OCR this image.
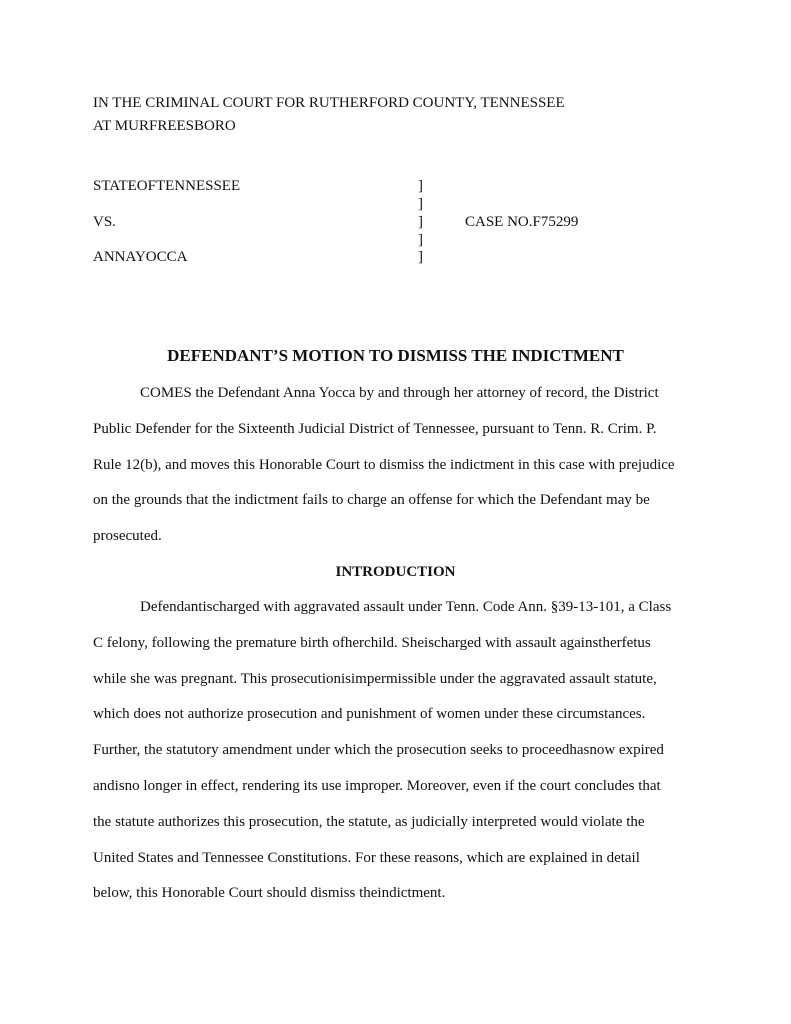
IN THE CRIMINAL COURT FOR RUTHERFORD COUNTY, TENNESSEE
AT MURFREESBORO
STATEOFTENNESSEE
VS.
ANNAYOCCA
]
]
]
]
]
CASE NO.F75299
DEFENDANT’S MOTION TO DISMISS THE INDICTMENT

COMES the Defendant Anna Yocca by and through her attorney of record, the District
Public Defender for the Sixteenth Judicial District of Tennessee, pursuant to Tenn. R. Crim. P.
Rule 12(b), and moves this Honorable Court to dismiss the indictment in this case with prejudice
on the grounds that the indictment fails to charge an offense for which the Defendant may be
prosecuted.

INTRODUCTION

Defendantischarged with aggravated assault under Tenn. Code Ann. §39-13-101, a Class
C felony, following the premature birth ofherchild. Sheischarged with assault againstherfetus
while she was pregnant. This prosecutionisimpermissible under the aggravated assault statute,
which does not authorize prosecution and punishment of women under these circumstances.
Further, the statutory amendment under which the prosecution seeks to proceedhasnow expired
andisno longer in effect, rendering its use improper. Moreover, even if the court concludes that
the statute authorizes this prosecution, the statute, as judicially interpreted would violate the
United States and Tennessee Constitutions. For these reasons, which are explained in detail
below, this Honorable Court should dismiss theindictment.
